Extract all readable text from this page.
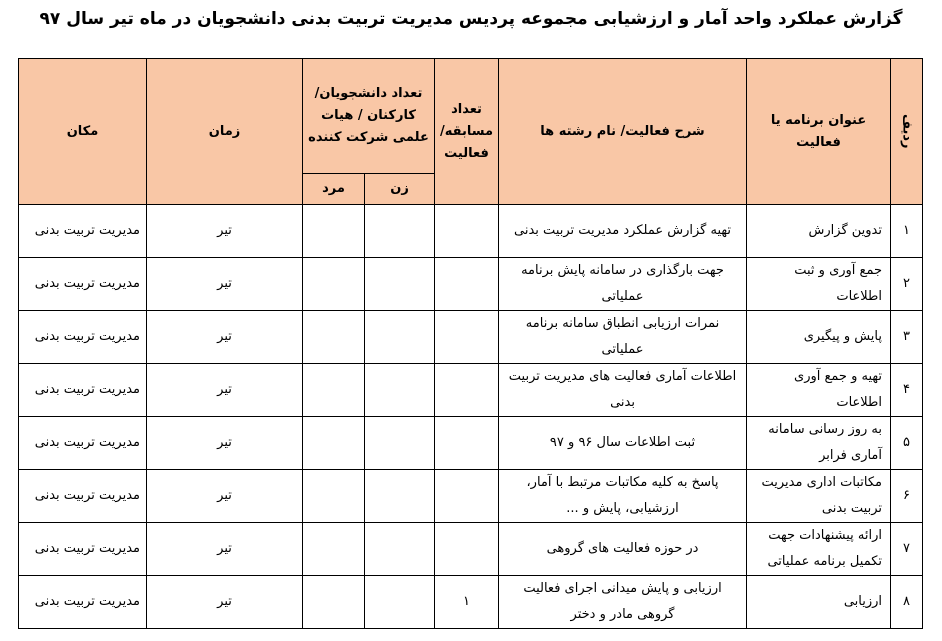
گزارش عملکرد واحد آمار و ارزشیابی مجموعه پردیس مدیریت تربیت بدنی دانشجویان در ماه تیر سال ۹۷
ردیف	عنوان برنامه یا فعالیت	شرح فعالیت/ نام رشته ها	تعداد مسابقه/ فعالیت	تعداد دانشجویان/ کارکنان / هیات علمی شرکت کننده		زمان	مکان
				زن	مرد		
۱	تدوین گزارش	تهیه گزارش عملکرد مدیریت تربیت بدنی				تیر	مدیریت تربیت بدنی
۲	جمع آوری و ثبت اطلاعات	جهت بارگذاری در سامانه پایش برنامه عملیاتی				تیر	مدیریت تربیت بدنی
۳	پایش و پیگیری	نمرات ارزیابی انطباق سامانه برنامه عملیاتی				تیر	مدیریت تربیت بدنی
۴	تهیه و جمع آوری اطلاعات	اطلاعات آماری فعالیت های مدیریت تربیت بدنی				تیر	مدیریت تربیت بدنی
۵	به روز رسانی سامانه آماری فرابر	ثبت اطلاعات سال ۹۶ و ۹۷				تیر	مدیریت تربیت بدنی
۶	مکاتبات اداری مدیریت تربیت بدنی	پاسخ به کلیه مکاتبات مرتبط با آمار، ارزشیابی، پایش و ...				تیر	مدیریت تربیت بدنی
۷	ارائه پیشنهادات جهت تکمیل برنامه عملیاتی	در حوزه فعالیت های گروهی				تیر	مدیریت تربیت بدنی
۸	ارزیابی	ارزیابی و پایش میدانی اجرای فعالیت گروهی مادر و دختر	۱			تیر	مدیریت تربیت بدنی
